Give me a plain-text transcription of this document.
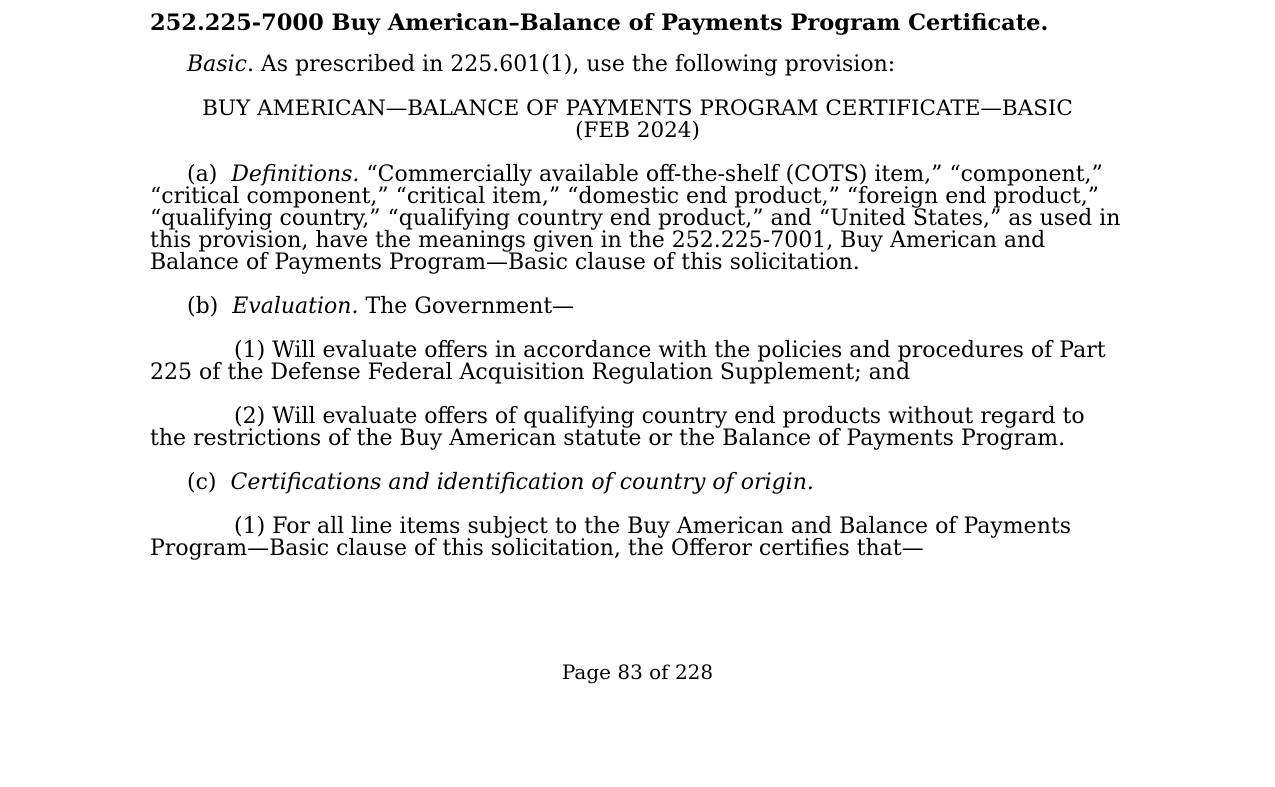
252.225-7000 Buy American–Balance of Payments Program Certificate.

Basic. As prescribed in 225.601(1), use the following provision:

BUY AMERICAN—BALANCE OF PAYMENTS PROGRAM CERTIFICATE—BASIC
(FEB 2024)

(a)  Definitions. “Commercially available off-the-shelf (COTS) item,” “component,” “critical component,” “critical item,” “domestic end product,” “foreign end product,” “qualifying country,” “qualifying country end product,” and “United States,” as used in this provision, have the meanings given in the 252.225-7001, Buy American and Balance of Payments Program—Basic clause of this solicitation.

(b)  Evaluation. The Government—

(1) Will evaluate offers in accordance with the policies and procedures of Part 225 of the Defense Federal Acquisition Regulation Supplement; and

(2) Will evaluate offers of qualifying country end products without regard to the restrictions of the Buy American statute or the Balance of Payments Program.

(c)  Certifications and identification of country of origin.

(1) For all line items subject to the Buy American and Balance of Payments Program—Basic clause of this solicitation, the Offeror certifies that—

Page 83 of 228
